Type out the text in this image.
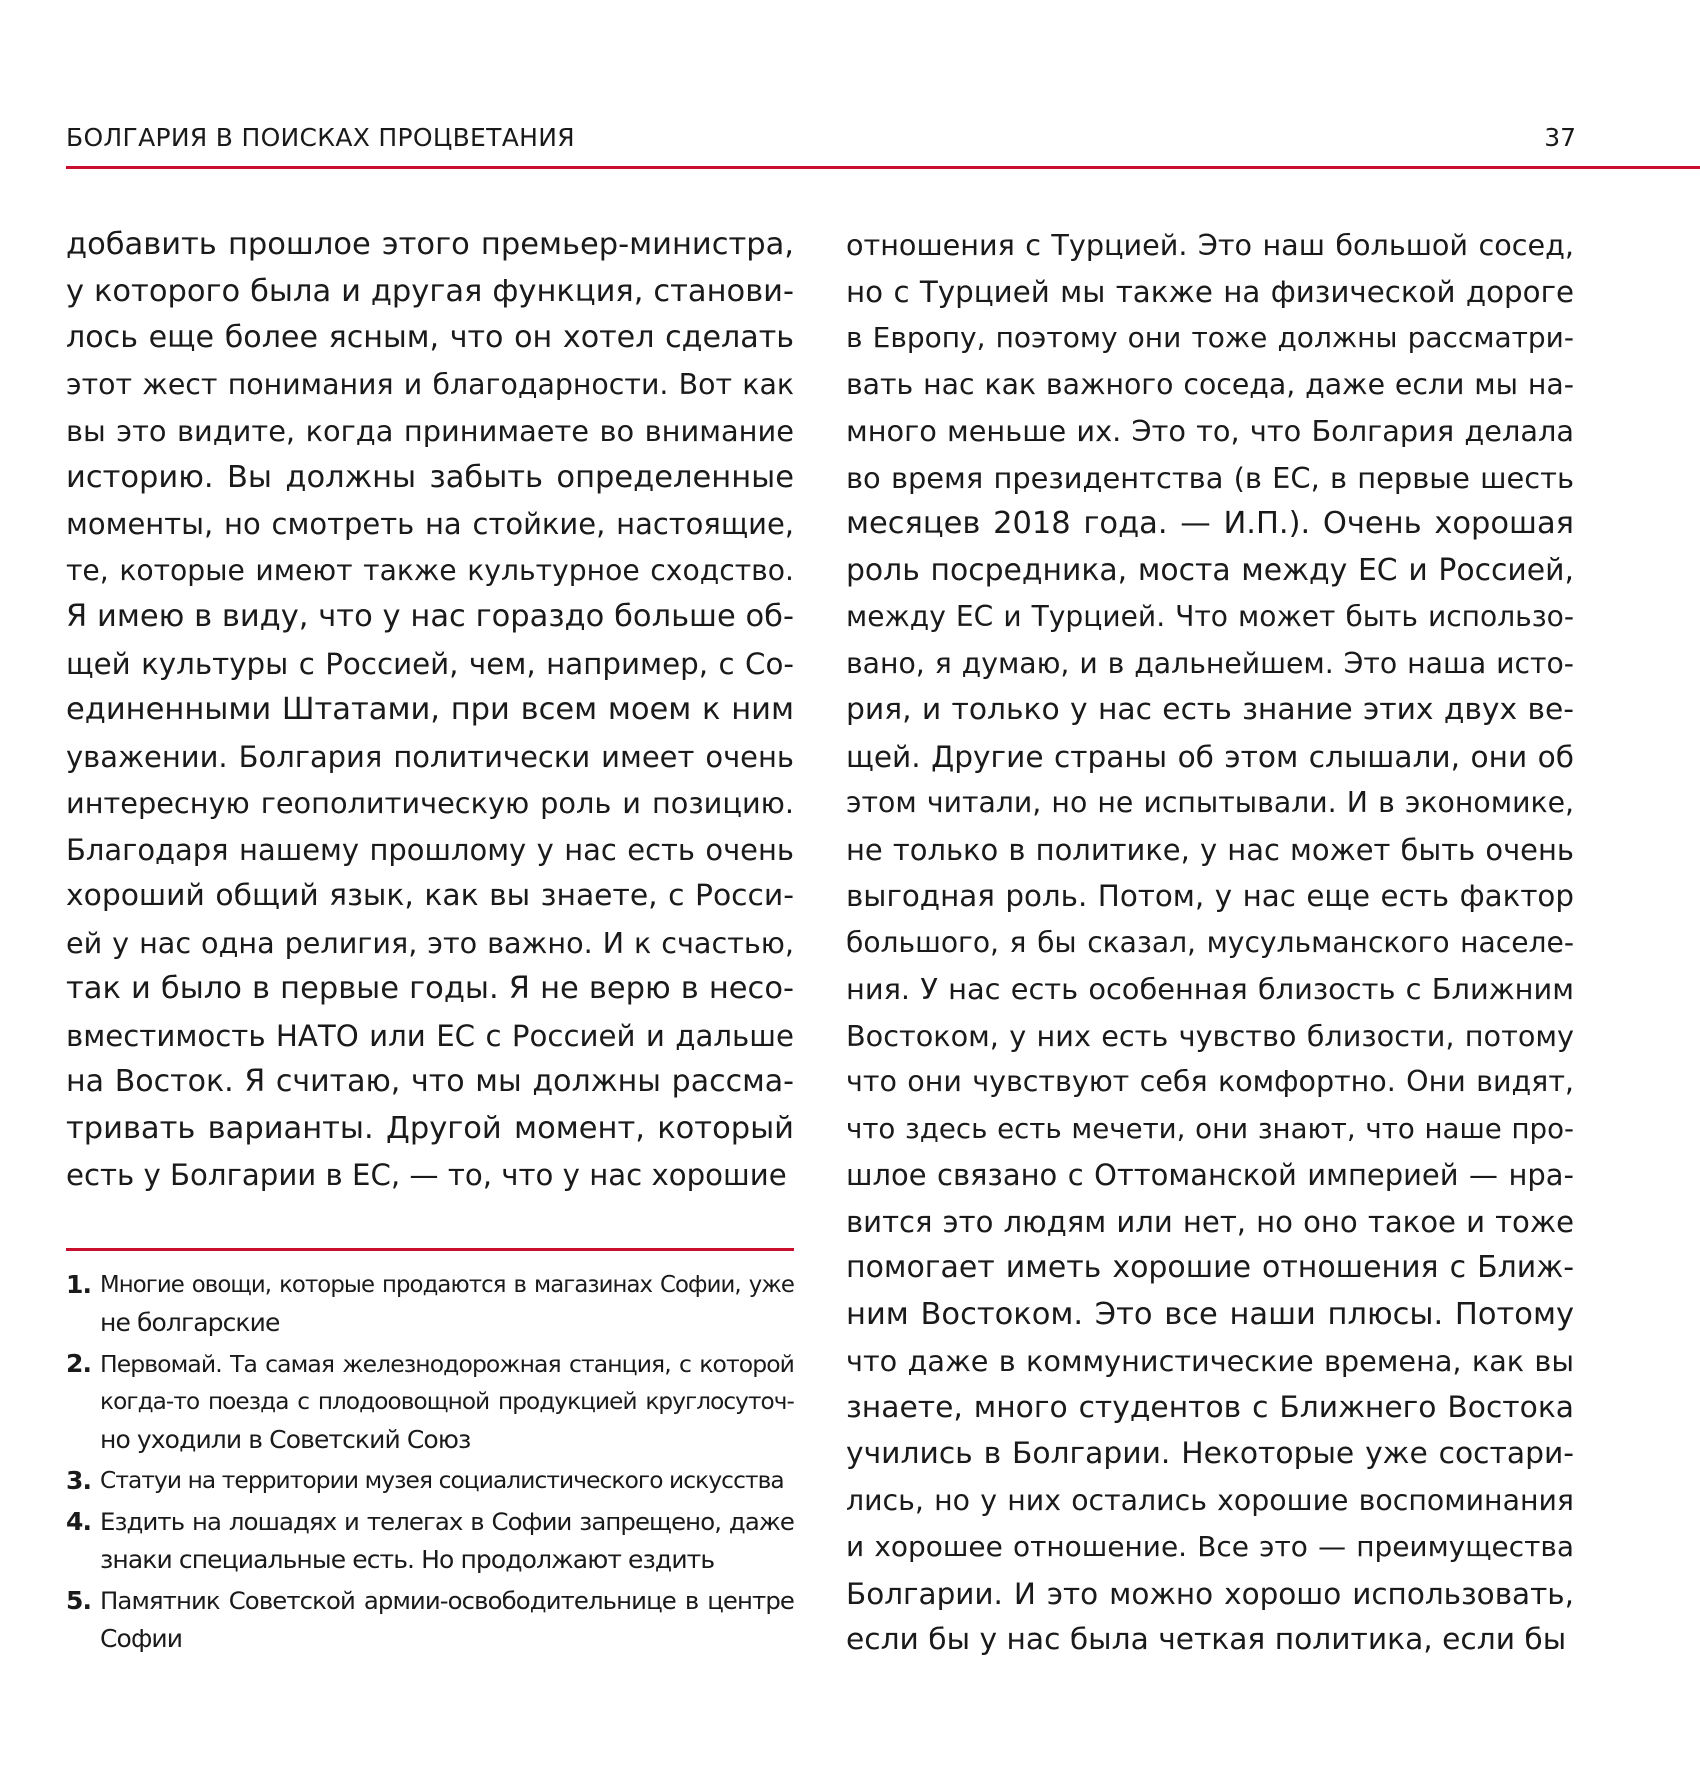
БОЛГАРИЯ В ПОИСКАХ ПРОЦВЕТАНИЯ	37
добавить прошлое этого премьер-министра,
у которого была и другая функция, станови-
лось еще более ясным, что он хотел сделать
этот жест понимания и благодарности. Вот как
вы это видите, когда принимаете во внимание
историю. Вы должны забыть определенные
моменты, но смотреть на стойкие, настоящие,
те, которые имеют также культурное сходство.
Я имею в виду, что у нас гораздо больше об-
щей культуры с Россией, чем, например, с Со-
единенными Штатами, при всем моем к ним
уважении. Болгария политически имеет очень
интересную геополитическую роль и позицию.
Благодаря нашему прошлому у нас есть очень
хороший общий язык, как вы знаете, с Росси-
ей у нас одна религия, это важно. И к счастью,
так и было в первые годы. Я не верю в несо-
вместимость НАТО или ЕС с Россией и дальше
на Восток. Я считаю, что мы должны рассма-
тривать варианты. Другой момент, который
есть у Болгарии в ЕС, — то, что у нас хорошие
отношения с Турцией. Это наш большой сосед,
но с Турцией мы также на физической дороге
в Европу, поэтому они тоже должны рассматри-
вать нас как важного соседа, даже если мы на-
много меньше их. Это то, что Болгария делала
во время президентства (в ЕС, в первые шесть
месяцев 2018 года. — И.П.). Очень хорошая
роль посредника, моста между ЕС и Россией,
между ЕС и Турцией. Что может быть использо-
вано, я думаю, и в дальнейшем. Это наша исто-
рия, и только у нас есть знание этих двух ве-
щей. Другие страны об этом слышали, они об
этом читали, но не испытывали. И в экономике,
не только в политике, у нас может быть очень
выгодная роль. Потом, у нас еще есть фактор
большого, я бы сказал, мусульманского населе-
ния. У нас есть особенная близость с Ближним
Востоком, у них есть чувство близости, потому
что они чувствуют себя комфортно. Они видят,
что здесь есть мечети, они знают, что наше про-
шлое связано с Оттоманской империей — нра-
вится это людям или нет, но оно такое и тоже
помогает иметь хорошие отношения с Ближ-
ним Востоком. Это все наши плюсы. Потому
что даже в коммунистические времена, как вы
знаете, много студентов с Ближнего Востока
учились в Болгарии. Некоторые уже состари-
лись, но у них остались хорошие воспоминания
и хорошее отношение. Все это — преимущества
Болгарии. И это можно хорошо использовать,
если бы у нас была четкая политика, если бы
1. Многие овощи, которые продаются в магазинах Софии, уже
не болгарские
2. Первомай. Та самая железнодорожная станция, с которой
когда-то поезда с плодоовощной продукцией круглосуточ-
но уходили в Советский Союз
3. Статуи на территории музея социалистического искусства
4. Ездить на лошадях и телегах в Софии запрещено, даже
знаки специальные есть. Но продолжают ездить
5. Памятник Советской армии-освободительнице в центре
Софии
